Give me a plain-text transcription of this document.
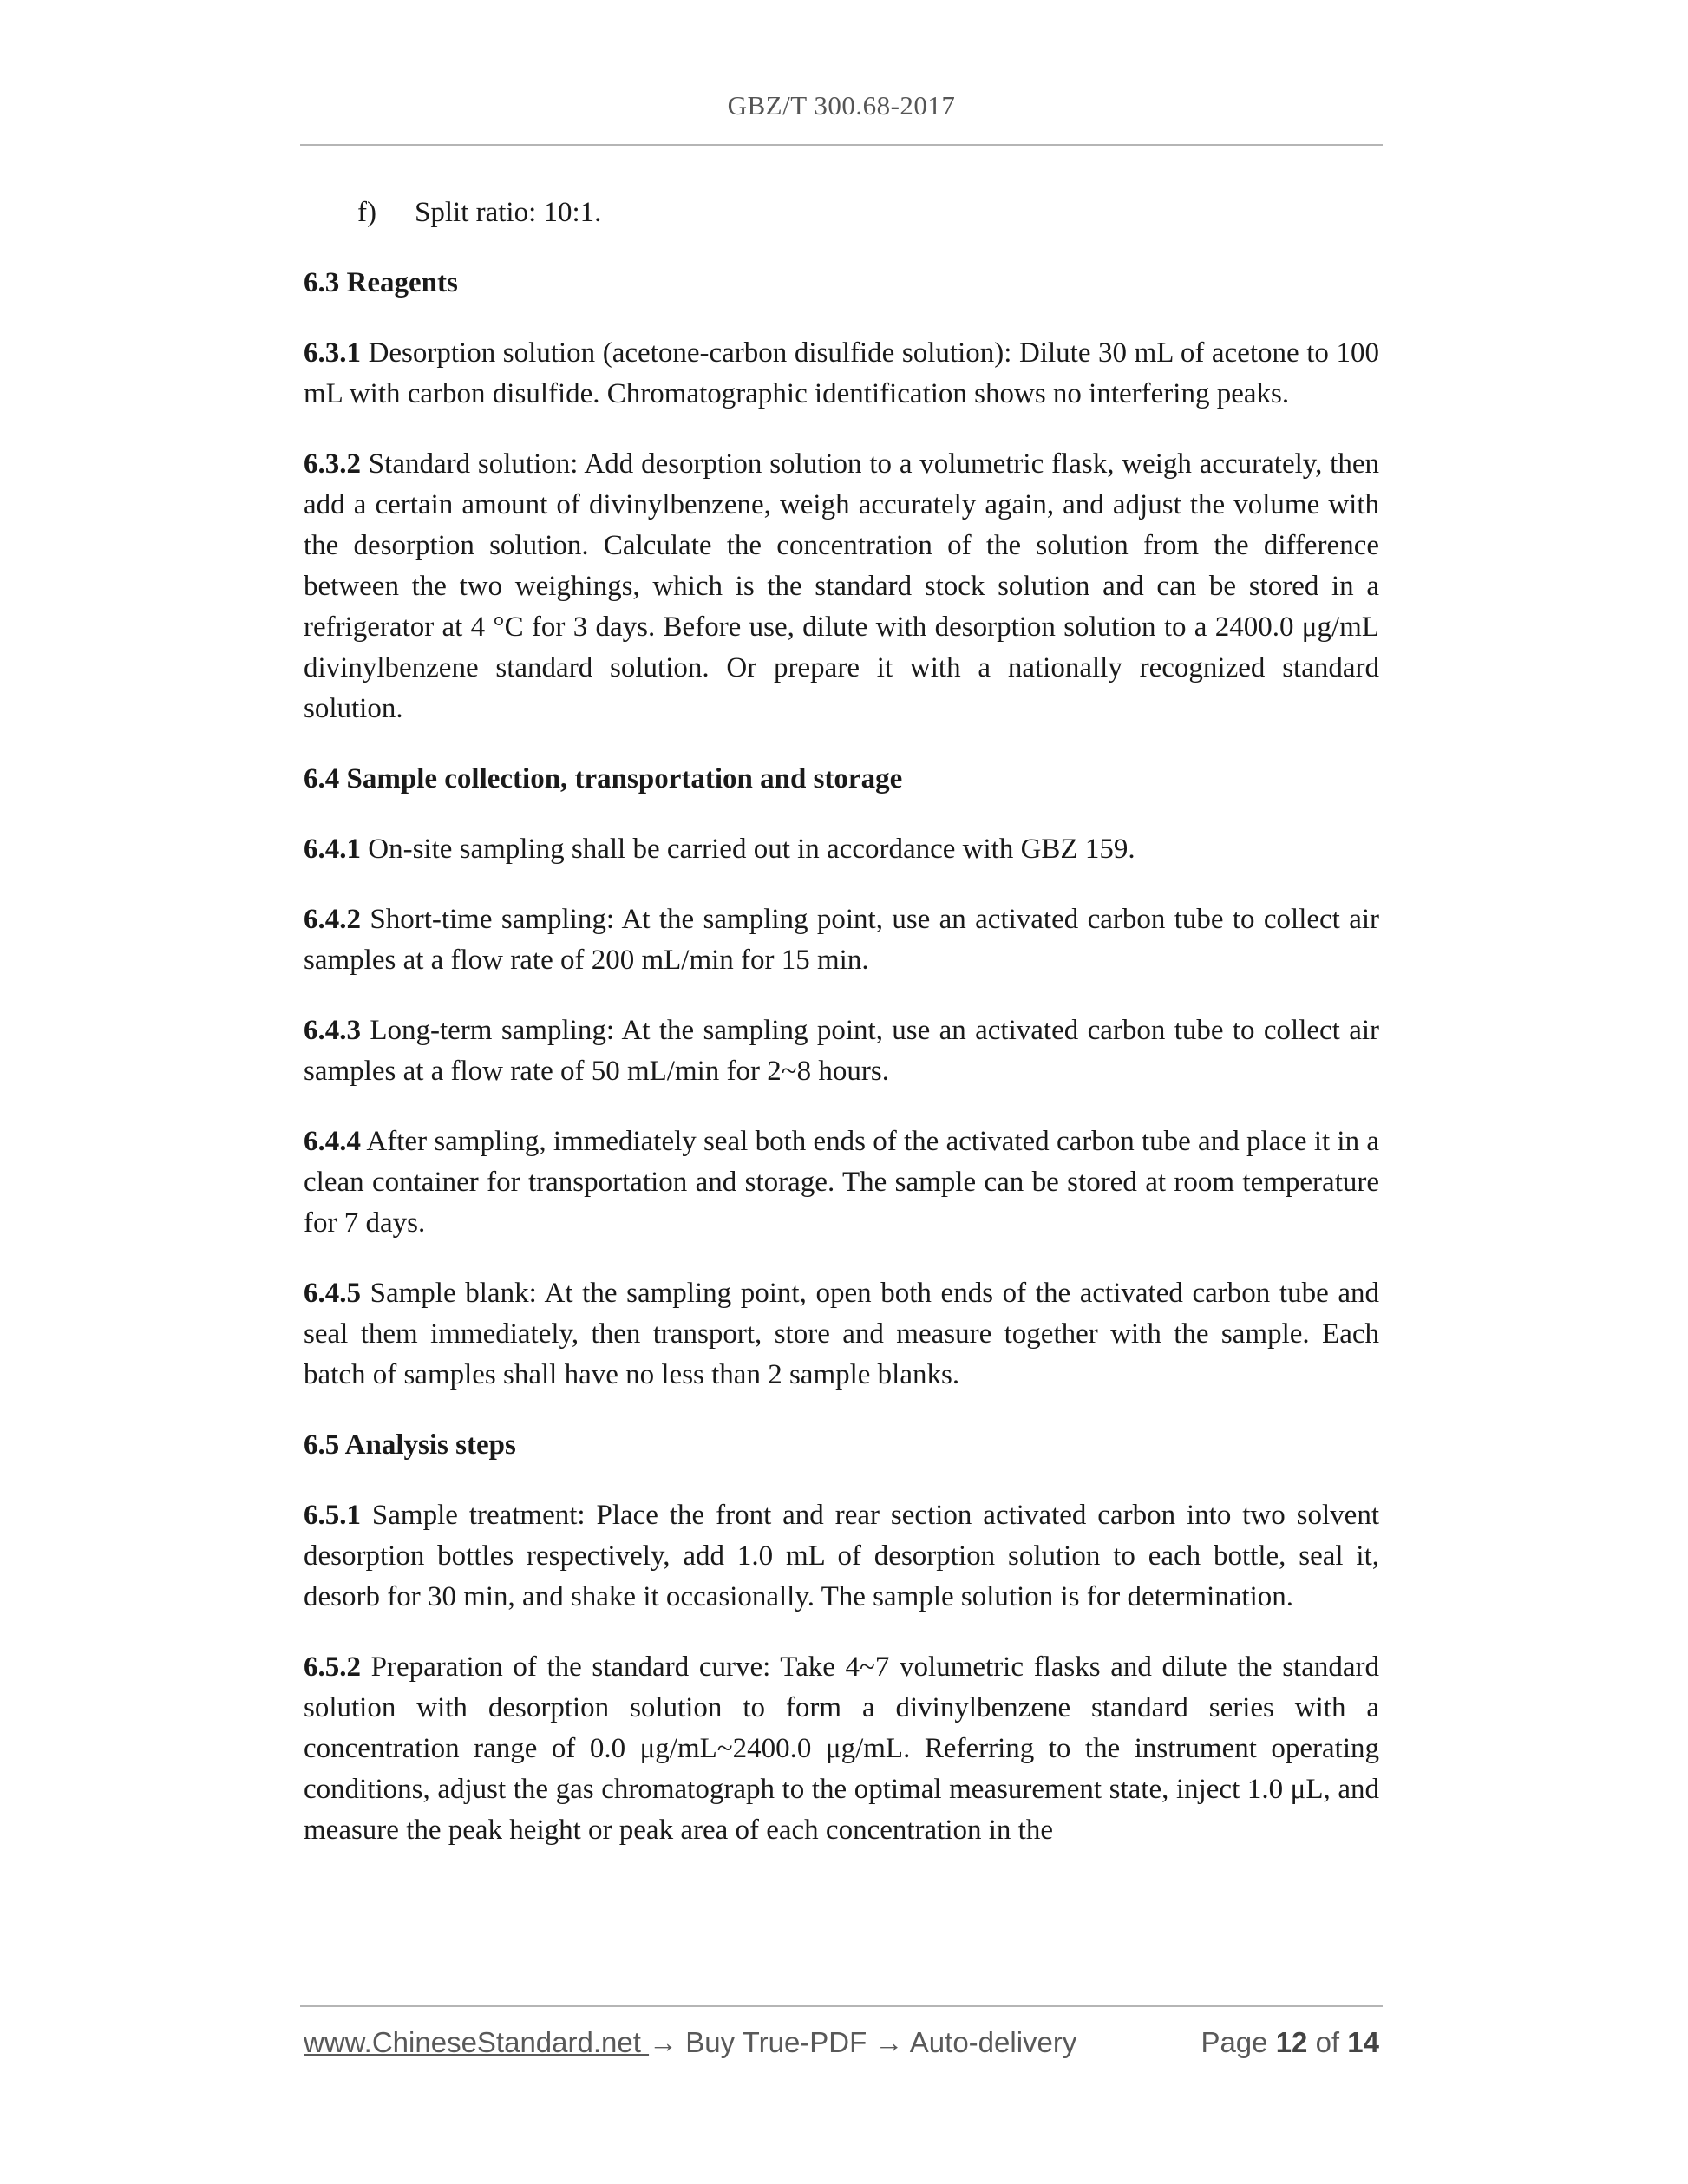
GBZ/T 300.68-2017
f)	Split ratio: 10:1.
6.3 Reagents

6.3.1 Desorption solution (acetone-carbon disulfide solution): Dilute 30 mL of acetone to 100 mL with carbon disulfide. Chromatographic identification shows no interfering peaks.

6.3.2 Standard solution: Add desorption solution to a volumetric flask, weigh accurately, then add a certain amount of divinylbenzene, weigh accurately again, and adjust the volume with the desorption solution. Calculate the concentration of the solution from the difference between the two weighings, which is the standard stock solution and can be stored in a refrigerator at 4 °C for 3 days. Before use, dilute with desorption solution to a 2400.0 μg/mL divinylbenzene standard solution. Or prepare it with a nationally recognized standard solution.

6.4 Sample collection, transportation and storage

6.4.1 On-site sampling shall be carried out in accordance with GBZ 159.

6.4.2 Short-time sampling: At the sampling point, use an activated carbon tube to collect air samples at a flow rate of 200 mL/min for 15 min.

6.4.3 Long-term sampling: At the sampling point, use an activated carbon tube to collect air samples at a flow rate of 50 mL/min for 2~8 hours.

6.4.4 After sampling, immediately seal both ends of the activated carbon tube and place it in a clean container for transportation and storage. The sample can be stored at room temperature for 7 days.

6.4.5 Sample blank: At the sampling point, open both ends of the activated carbon tube and seal them immediately, then transport, store and measure together with the sample. Each batch of samples shall have no less than 2 sample blanks.

6.5 Analysis steps

6.5.1 Sample treatment: Place the front and rear section activated carbon into two solvent desorption bottles respectively, add 1.0 mL of desorption solution to each bottle, seal it, desorb for 30 min, and shake it occasionally. The sample solution is for determination.

6.5.2 Preparation of the standard curve: Take 4~7 volumetric flasks and dilute the standard solution with desorption solution to form a divinylbenzene standard series with a concentration range of 0.0 μg/mL~2400.0 μg/mL. Referring to the instrument operating conditions, adjust the gas chromatograph to the optimal measurement state, inject 1.0 μL, and measure the peak height or peak area of each concentration in the

www.ChineseStandard.net → Buy True-PDF → Auto-delivery	Page 12 of 14
